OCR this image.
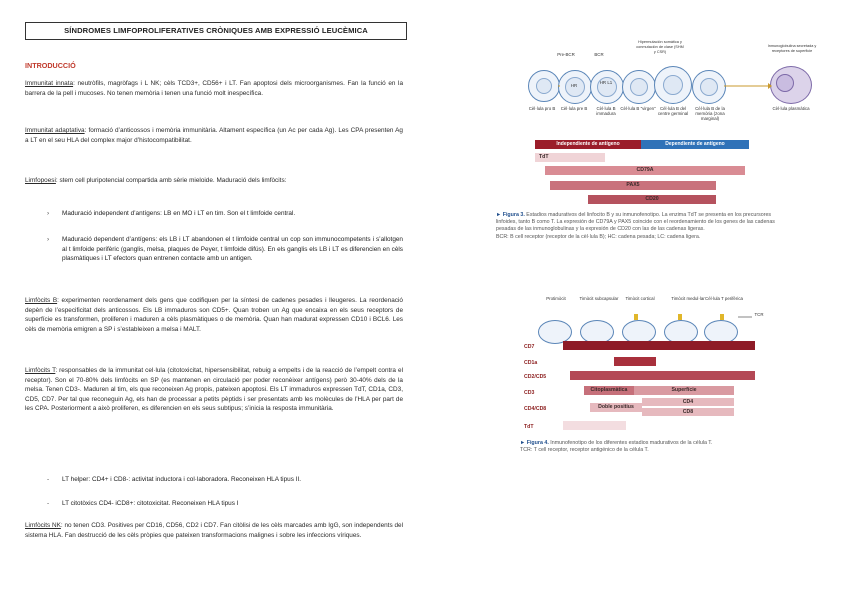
SÍNDROMES LIMFOPROLIFERATIVES CRÒNIQUES AMB EXPRESSIÓ LEUCÈMICA
INTRODUCCIÓ
Immunitat innata: neutròfils, magròfags i L NK; cèls TCD3+, CD56+ i LT. Fan apoptosi dels microorganismes. Fan la funció en la barrera de la pell i mucoses. No tenen memòria i tenen una funció molt inespecífica.
Immunitat adaptativa: formació d’anticossos i memòria immunitària. Altament específica (un Ac per cada Ag). Les CPA presenten Ag a LT en el seu HLA del complex major d’histocompatibilitat.
Limfopoesi: stem cell pluripotencial compartida amb sèrie mieloide. Maduració dels limfòcits:
› Maduració independent d’antígens: LB en MO i LT en tim. Son el t limfoide central.
› Maduració dependent d’antígens: els LB i LT abandonen el t limfoide central un cop son immunocompetents i s’allotgen al t limfoide perifèric (ganglis, melsa, plaques de Peyer, t limfoide difús). En els ganglis els LB i LT es diferencien en cèls plasmàtiques i LT efectors quan entrenen contacte amb un antigen.
Limfòcits B: experimenten reordenament dels gens que codifiquen per la síntesi de cadenes pesades i lleugeres. La reordenació depèn de l’especificitat dels anticossos. Els LB immaduros son CD5+. Quan troben un Ag que encaixa en els seus receptors de superfície es transformen, proliferen i maduren a cèls plasmàtiques o de memòria. Quan han madurat expressen CD10 i BCL6. Les cèls de memòria emigren a SP i s’estableixen a melsa i MALT.
Limfòcits T: responsables de la immunitat cel·lula (citotoxicitat, hipersensibilitat, rebuig a empelts i de la reacció de l’empelt contra el receptor). Son el 70-80% dels limfòcits en SP (es mantenen en circulació per poder reconèixer antígens) però 30-40% dels de la melsa. Tenen CD3-. Maduren al tim, els que reconeixen Ag propis, pateixen apoptosi. Els LT immaduros expressen TdT, CD1a, CD3, CD5, CD7. Per tal que reconeguin Ag, els han de processar a petits pèptids i ser presentats amb les molècules de l’HLA per part de les CPA. Posteriorment a això proliferen, es diferencien en els seus subtipus; s’inicia la resposta immunitària.
- LT helper: CD4+ i CD8-: activitat inductora i col·laboradora. Reconeixen HLA tipus II.
- LT citotòxics CD4- iCD8+: citotoxicitat. Reconeixen HLA tipus I
Limfòcits NK: no tenen CD3. Positives per CD16, CD56, CD2 i CD7. Fan citòlisi de les cèls marcades amb IgG, son independents del sistema HLA. Fan destrucció de les cèls pròpies que pateixen transformacions malignes i sobre les infeccions víriques.
Pre-BCR	BCR
Hipermutación somática y conmutación de clase (SHM y CSR)
Inmunoglobulina secretada y receptores de superficie
HR
HR L1
Cèl·lula pro B	Cèl·lula pre B	Cèl·lula B immadura
Cèl·lula B "virgen" Cèl·lula B del centre germinal
Cèl·lula B de la memòria (zona marginal)
Cèl·lula plasmàtica
Independiente de antígeno	Dependiente de antígeno
TdT
CD79A
PAX5
CD20
► Figura 3. Estadios madurativos del linfocito B y su inmunofenotipo. La enzima TdT se presenta en los precursores linfoides, tanto B como T. La expresión de CD79A y PAX5 coincide con el reordenamiento de los genes de las cadenas pesadas de las inmunoglobulinas y la expresión de CD20 con las de las cadenas ligeras.
BCR: B cell receptor (receptor de la cèl·lula B); HC: cadena pesada; LC: cadena ligera.
Protimòcit	Timòcit subcapsular	Timòcit cortical	Timòcit medul·lar Cèl·lula T perifèrica
TCR
CD7
CD1a
CD2/CD5
CD3	Citoplasmàtica	Superfície
CD4/CD8	Doble positius
CD4
CD8
TdT
► Figura 4. Inmunofenotipo de los diferentes estadios madurativos de la célula T.
TCR: T cell receptor, receptor antigénico de la célula T.
